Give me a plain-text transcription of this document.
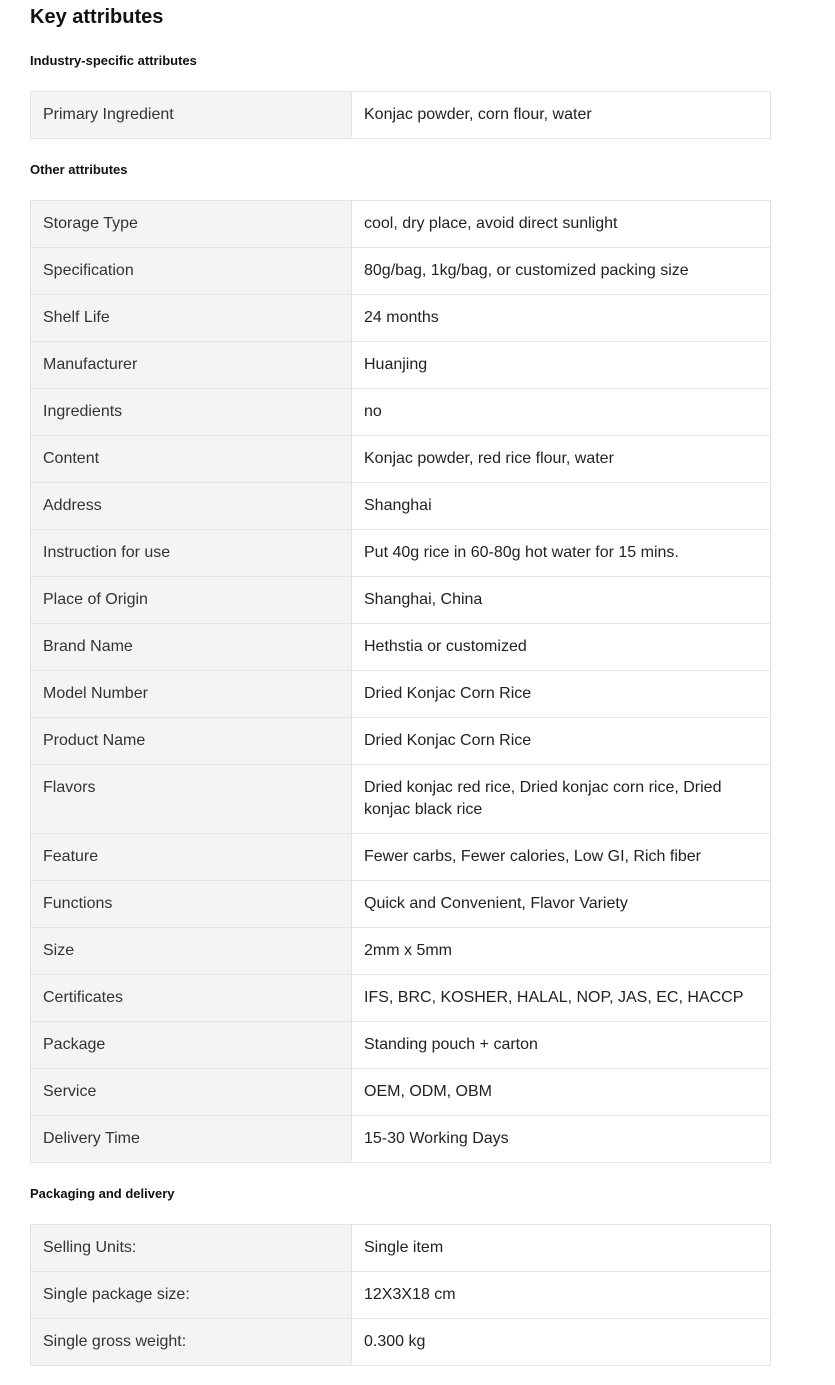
Key attributes
Industry-specific attributes
Primary Ingredient	Konjac powder, corn flour, water
Other attributes
Storage Type	cool, dry place, avoid direct sunlight
Specification	80g/bag, 1kg/bag, or customized packing size
Shelf Life	24 months
Manufacturer	Huanjing
Ingredients	no
Content	Konjac powder, red rice flour, water
Address	Shanghai
Instruction for use	Put 40g rice in 60-80g hot water for 15 mins.
Place of Origin	Shanghai, China
Brand Name	Hethstia or customized
Model Number	Dried Konjac Corn Rice
Product Name	Dried Konjac Corn Rice
Flavors	Dried konjac red rice, Dried konjac corn rice, Dried konjac black rice
Feature	Fewer carbs, Fewer calories, Low GI, Rich fiber
Functions	Quick and Convenient, Flavor Variety
Size	2mm x 5mm
Certificates	IFS, BRC, KOSHER, HALAL, NOP, JAS, EC, HACCP
Package	Standing pouch + carton
Service	OEM, ODM, OBM
Delivery Time	15-30 Working Days
Packaging and delivery
Selling Units:	Single item
Single package size:	12X3X18 cm
Single gross weight:	0.300 kg
